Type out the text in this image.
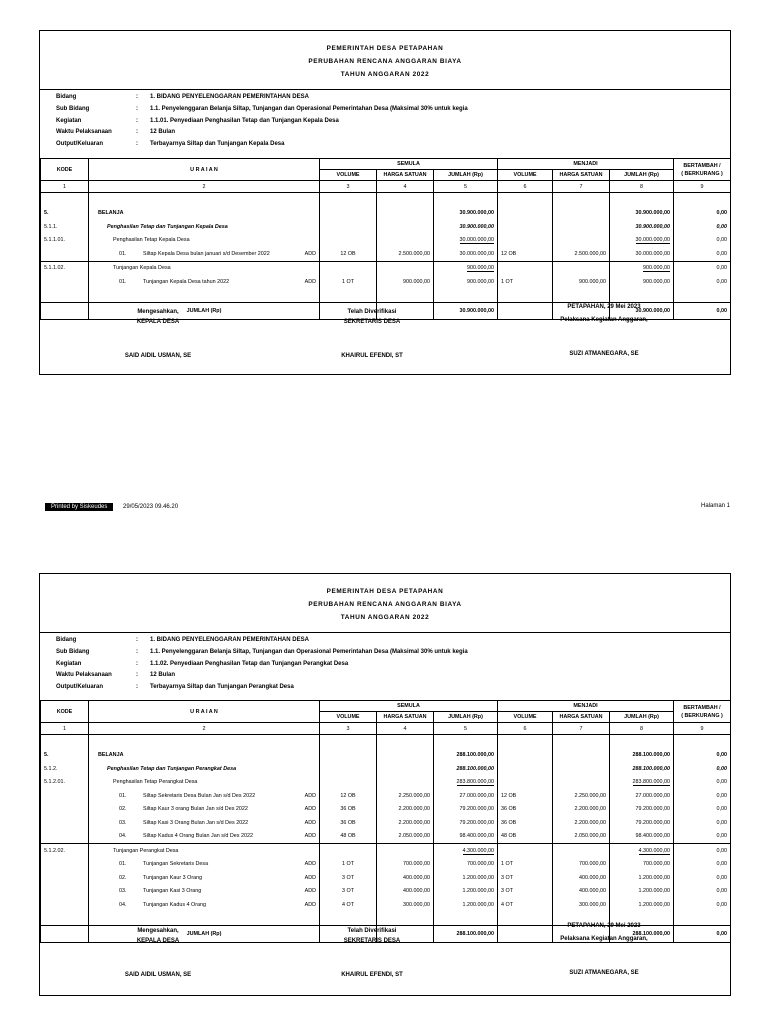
PEMERINTAH DESA PETAPAHAN
PERUBAHAN RENCANA ANGGARAN BIAYA
TAHUN ANGGARAN 2022
Bidang	: 1. BIDANG PENYELENGGARAN PEMERINTAHAN DESA
Sub Bidang	: 1.1. Penyelenggaran Belanja Siltap, Tunjangan dan Operasional Pemerintahan Desa (Maksimal 30% untuk kegia
Kegiatan	: 1.1.01. Penyediaan Penghasilan Tetap dan Tunjangan Kepala Desa
Waktu Pelaksanaan	: 12 Bulan
Output/Keluaran	: Terbayarnya Siltap dan Tunjangan Kepala Desa
KODE	U R A I A N	SEMULA			MENJADI			BERTAMBAH /
( BERKURANG )
		VOLUME	HARGA SATUAN	JUMLAH (Rp)	VOLUME	HARGA SATUAN	JUMLAH (Rp)	
1	2	3	4	5	6	7	8	9

5.	BELANJA			30.900.000,00			30.900.000,00	0,00
5.1.1.	Penghasilan Tetap dan Tunjangan Kepala Desa			30.900.000,00			30.900.000,00	0,00
5.1.1.01.	Penghasilan Tetap Kepala Desa			30.000.000,00			30.000.000,00	0,00
	01. Siltap Kepala Desa bulan januari s/d Desember 2022 ADD	12 OB	2.500.000,00	30.000.000,00	12 OB	2.500.000,00	30.000.000,00	0,00
5.1.1.02.	Tunjangan Kepala Desa			900.000,00			900.000,00	0,00
	01. Tunjangan Kepala Desa tahun 2022 ADD	1 OT	900.000,00	900.000,00	1 OT	900.000,00	900.000,00	0,00

	JUMLAH (Rp)			30.900.000,00			30.900.000,00	0,00
Mengesahkan,
KEPALA DESA
SAID AIDIL USMAN, SE
Telah Diverifikasi
SEKRETARIS DESA
KHAIRUL EFENDI, ST
PETAPAHAN, 29 Mei 2023
Pelaksana Kegiatan Anggaran,
SUZI ATMANEGARA, SE
PEMERINTAH DESA PETAPAHAN
PERUBAHAN RENCANA ANGGARAN BIAYA
TAHUN ANGGARAN 2022
Bidang	: 1. BIDANG PENYELENGGARAN PEMERINTAHAN DESA
Sub Bidang	: 1.1. Penyelenggaran Belanja Siltap, Tunjangan dan Operasional Pemerintahan Desa (Maksimal 30% untuk kegia
Kegiatan	: 1.1.02. Penyediaan Penghasilan Tetap dan Tunjangan Perangkat Desa
Waktu Pelaksanaan	: 12 Bulan
Output/Keluaran	: Terbayarnya Siltap dan Tunjangan Perangkat Desa
KODE	U R A I A N	SEMULA			MENJADI			BERTAMBAH /
( BERKURANG )
		VOLUME	HARGA SATUAN	JUMLAH (Rp)	VOLUME	HARGA SATUAN	JUMLAH (Rp)	
1	2	3	4	5	6	7	8	9

5.	BELANJA			288.100.000,00			288.100.000,00	0,00
5.1.2.	Penghasilan Tetap dan Tunjangan Perangkat Desa			288.100.000,00			288.100.000,00	0,00
5.1.2.01.	Penghasilan Tetap Perangkat Desa			283.800.000,00			283.800.000,00	0,00
	01. Siltap Sekretaris Desa Bulan Jan s/d Des 2022 ADD	12 OB	2.250.000,00	27.000.000,00	12 OB	2.250.000,00	27.000.000,00	0,00
	02. Siltap Kaur 3 orang Bulan Jan s/d Des 2022 ADD	36 OB	2.200.000,00	79.200.000,00	36 OB	2.200.000,00	79.200.000,00	0,00
	03. Siltap Kasi 3 Orang Bulan Jan s/d Des 2022 ADD	36 OB	2.200.000,00	79.200.000,00	36 OB	2.200.000,00	79.200.000,00	0,00
	04. Siltap Kadus 4 Orang Bulan Jan s/d Des 2022 ADD	48 OB	2.050.000,00	98.400.000,00	48 OB	2.050.000,00	98.400.000,00	0,00
5.1.2.02.	Tunjangan Perangkat Desa			4.300.000,00			4.300.000,00	0,00
	01. Tunjangan Sekretaris Desa ADD	1 OT	700.000,00	700.000,00	1 OT	700.000,00	700.000,00	0,00
	02. Tunjangan Kaur 3 Orang ADD	3 OT	400.000,00	1.200.000,00	3 OT	400.000,00	1.200.000,00	0,00
	03. Tunjangan Kasi 3 Orang ADD	3 OT	400.000,00	1.200.000,00	3 OT	400.000,00	1.200.000,00	0,00
	04. Tunjangan Kadus 4 Orang ADD	4 OT	300.000,00	1.200.000,00	4 OT	300.000,00	1.200.000,00	0,00

	JUMLAH (Rp)			288.100.000,00			288.100.000,00	0,00
Mengesahkan,
KEPALA DESA
SAID AIDIL USMAN, SE
Telah Diverifikasi
SEKRETARIS DESA
KHAIRUL EFENDI, ST
PETAPAHAN, 29 Mei 2023
Pelaksana Kegiatan Anggaran,
SUZI ATMANEGARA, SE
Printed by Siskeudes	29/05/2023 09.46.20	Halaman 1
